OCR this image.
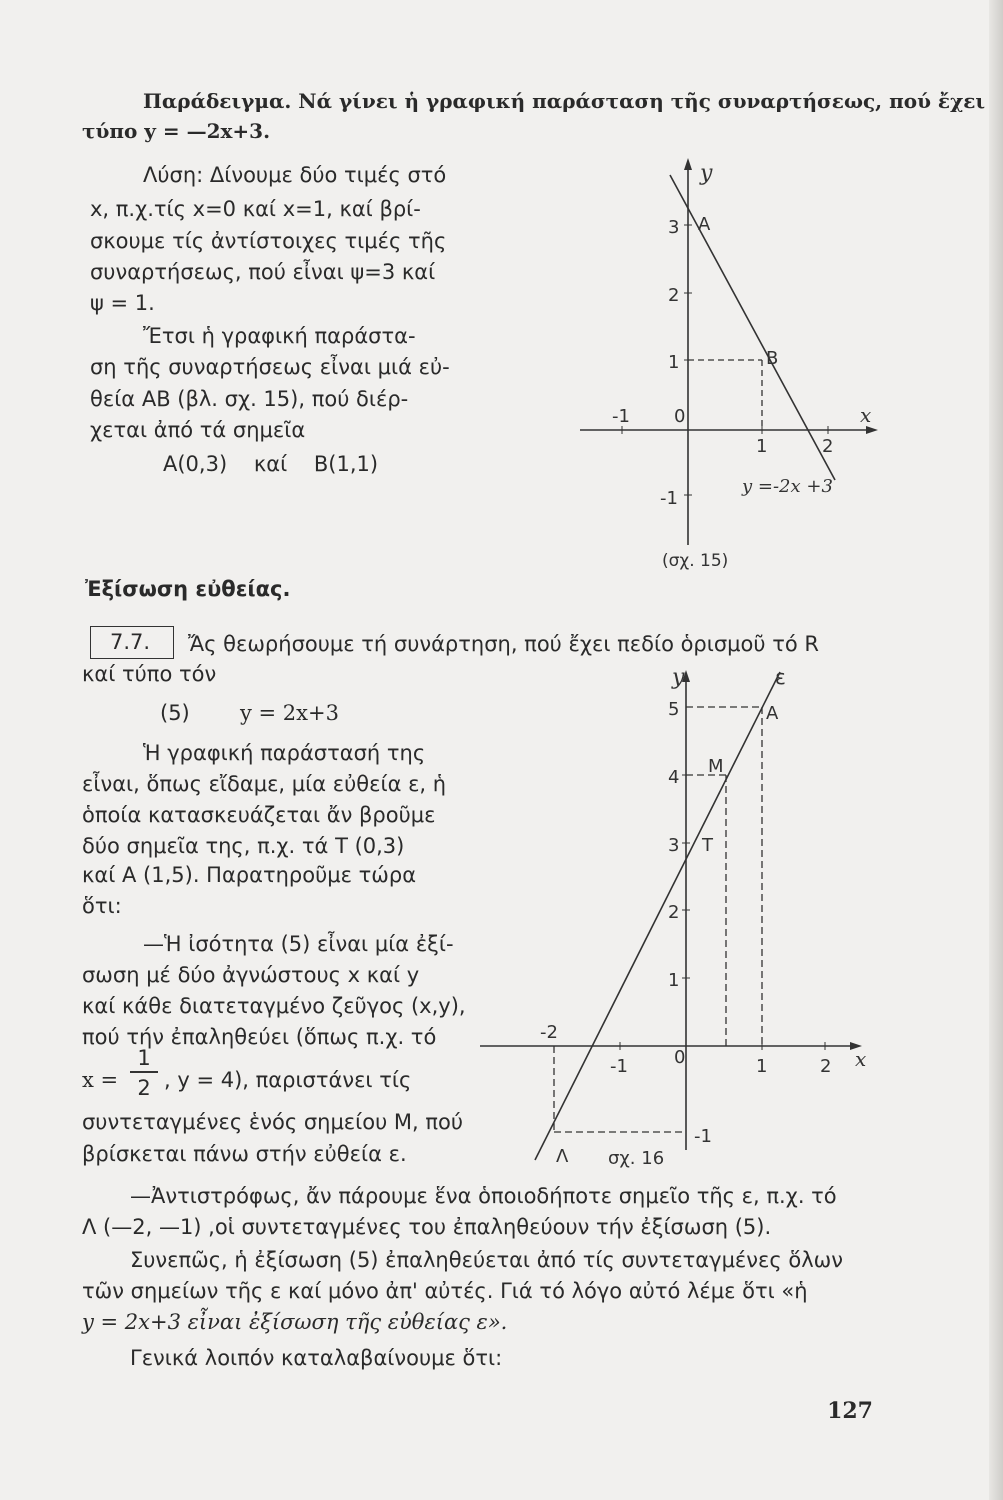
Παράδειγμα. Νά γίνει ἡ γραφική παράσταση τῆς συναρτήσεως, πού ἔχει
τύπο y = —2x+3.
Λύση: Δίνουμε δύο τιμές στό
x, π.χ.τίς x=0 καί x=1, καί βρί-
σκουμε τίς ἀντίστοιχες τιμές τῆς
συναρτήσεως, πού εἶναι ψ=3 καί
ψ = 1.
Ἔτσι ἡ γραφική παράστα-
ση τῆς συναρτήσεως εἶναι μιά εὐ-
θεία ΑΒ (βλ. σχ. 15), πού διέρ-
χεται ἀπό τά σημεῖα
Α(0,3)    καί    Β(1,1)
y
x
3
2
1
-1
-1 0
1	2
A
B
y =-2x +3
(σχ. 15)
Ἐξίσωση εὐθείας.
7.7. Ἄς θεωρήσουμε τή συνάρτηση, πού ἔχει πεδίο ὁρισμοῦ τό R
καί τύπο τόν
(5) y = 2x+3
Ἡ γραφική παράστασή της
εἶναι, ὅπως εἴδαμε, μία εὐθεία ε, ἡ
ὁποία κατασκευάζεται ἄν βροῦμε
δύο σημεῖα της, π.χ. τά Τ (0,3)
καί Α (1,5). Παρατηροῦμε τώρα
ὅτι:
—Ἡ ἰσότητα (5) εἶναι μία ἐξί-
σωση μέ δύο ἀγνώστους x καί y
καί κάθε διατεταγμένο ζεῦγος (x,y),
πού τήν ἐπαληθεύει (ὅπως π.χ. τό
x =
1
2 , y = 4), παριστάνει τίς
συντεταγμένες ἑνός σημείου Μ, πού
βρίσκεται πάνω στήν εὐθεία ε.
y
x
ε
5
4
3
2
1
-1
-2
-1	0	1	2
A
M
T
Λ σχ. 16
—Ἀντιστρόφως, ἄν πάρουμε ἕνα ὁποιοδήποτε σημεῖο τῆς ε, π.χ. τό
Λ (—2, —1) ,οἱ συντεταγμένες του ἐπαληθεύουν τήν ἐξίσωση (5).
Συνεπῶς, ἡ ἐξίσωση (5) ἐπαληθεύεται ἀπό τίς συντεταγμένες ὅλων
τῶν σημείων τῆς ε καί μόνο ἀπ' αὐτές. Γιά τό λόγο αὐτό λέμε ὅτι «ἡ
y = 2x+3 εἶναι ἐξίσωση τῆς εὐθείας ε».
Γενικά λοιπόν καταλαβαίνουμε ὅτι:
127
